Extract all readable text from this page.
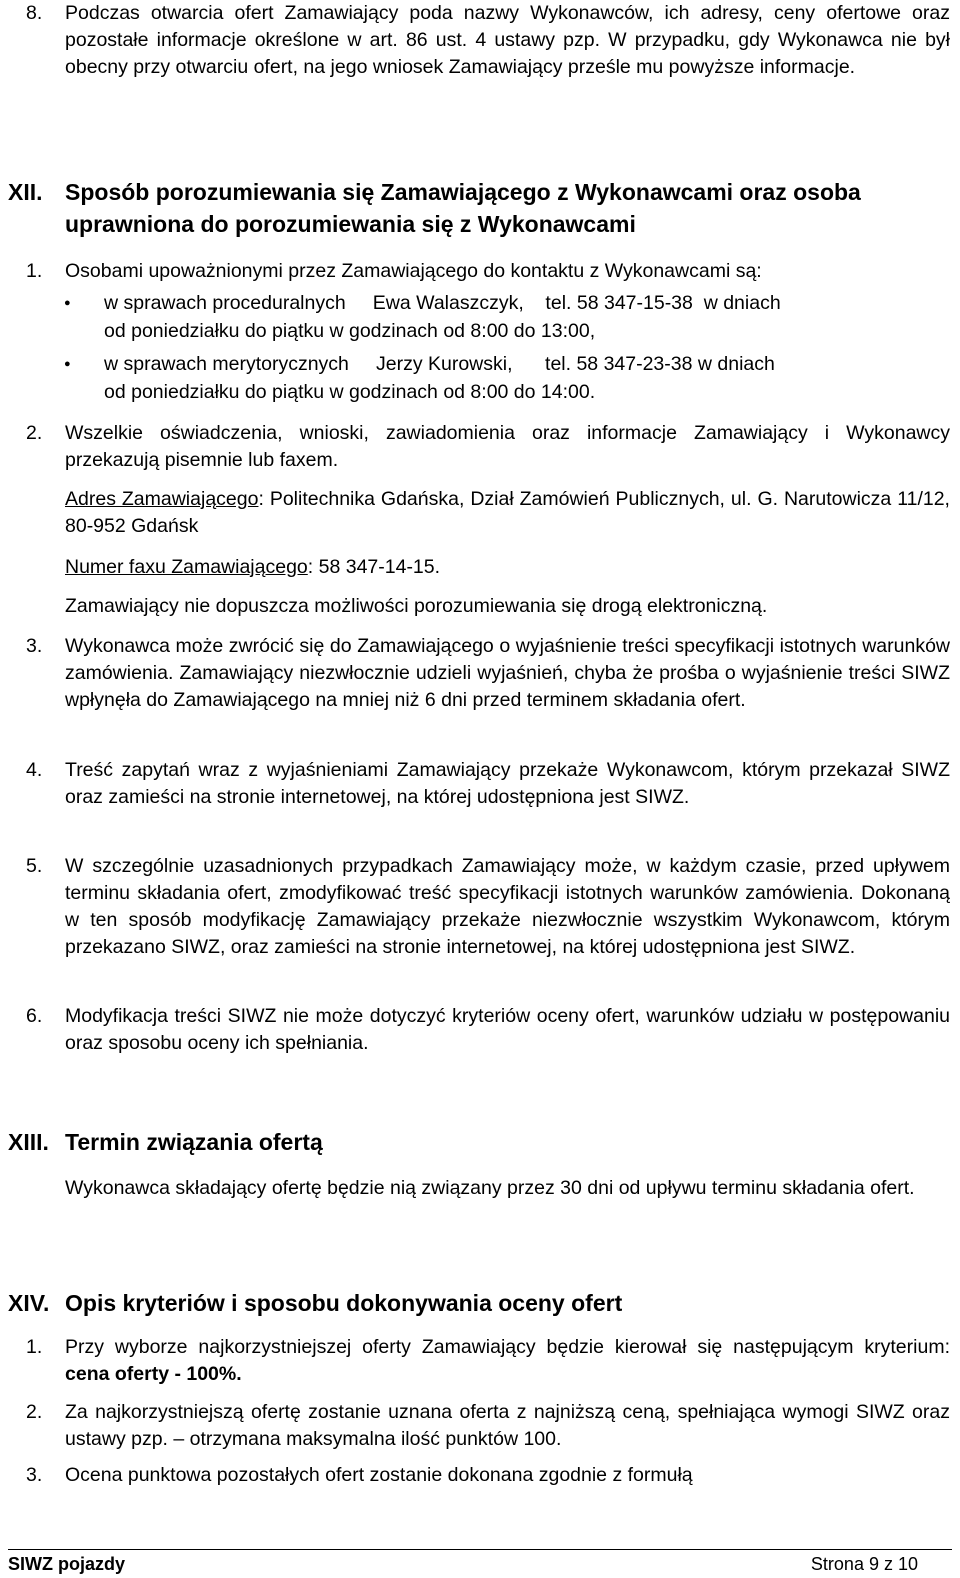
8. Podczas otwarcia ofert Zamawiający poda nazwy Wykonawców, ich adresy, ceny ofertowe oraz pozostałe informacje określone w art. 86 ust. 4 ustawy pzp. W przypadku, gdy Wykonawca nie był obecny przy otwarciu ofert, na jego wniosek Zamawiający prześle mu powyższe informacje.
XII. Sposób porozumiewania się Zamawiającego z Wykonawcami oraz osoba uprawniona do porozumiewania się z Wykonawcami
1. Osobami upoważnionymi przez Zamawiającego do kontaktu z Wykonawcami są:
● w sprawach proceduralnych     Ewa Walaszczyk,    tel. 58 347-15-38  w dniach
od poniedziałku do piątku w godzinach od 8:00 do 13:00,
● w sprawach merytorycznych     Jerzy Kurowski,      tel. 58 347-23-38 w dniach
od poniedziałku do piątku w godzinach od 8:00 do 14:00.
2. Wszelkie oświadczenia, wnioski, zawiadomienia oraz informacje Zamawiający i Wykonawcy przekazują pisemnie lub faxem.
Adres Zamawiającego: Politechnika Gdańska, Dział Zamówień Publicznych, ul. G. Narutowicza 11/12, 80-952 Gdańsk
Numer faxu Zamawiającego: 58 347-14-15.
Zamawiający nie dopuszcza możliwości porozumiewania się drogą elektroniczną.
3. Wykonawca może zwrócić się do Zamawiającego o wyjaśnienie treści specyfikacji istotnych warunków zamówienia. Zamawiający niezwłocznie udzieli wyjaśnień, chyba że prośba o wyjaśnienie treści SIWZ wpłynęła do Zamawiającego na mniej niż 6 dni przed terminem składania ofert.
4. Treść zapytań wraz z wyjaśnieniami Zamawiający przekaże Wykonawcom, którym przekazał SIWZ oraz zamieści na stronie internetowej, na której udostępniona jest SIWZ.
5. W szczególnie uzasadnionych przypadkach Zamawiający może, w każdym czasie, przed upływem terminu składania ofert, zmodyfikować treść specyfikacji istotnych warunków zamówienia. Dokonaną w ten sposób modyfikację Zamawiający przekaże niezwłocznie wszystkim Wykonawcom, którym przekazano SIWZ, oraz zamieści na stronie internetowej, na której udostępniona jest SIWZ.
6. Modyfikacja treści SIWZ nie może dotyczyć kryteriów oceny ofert, warunków udziału w postępowaniu oraz sposobu oceny ich spełniania.
XIII. Termin związania ofertą
Wykonawca składający ofertę będzie nią związany przez 30 dni od upływu terminu składania ofert.
XIV. Opis kryteriów i sposobu dokonywania oceny ofert
1. Przy wyborze najkorzystniejszej oferty Zamawiający będzie kierował się następującym kryterium: cena oferty - 100%.
2. Za najkorzystniejszą ofertę zostanie uznana oferta z najniższą ceną, spełniająca wymogi SIWZ oraz ustawy pzp. – otrzymana maksymalna ilość punktów 100.
3. Ocena punktowa pozostałych ofert zostanie dokonana zgodnie z formułą
SIWZ pojazdy	Strona 9 z 10
